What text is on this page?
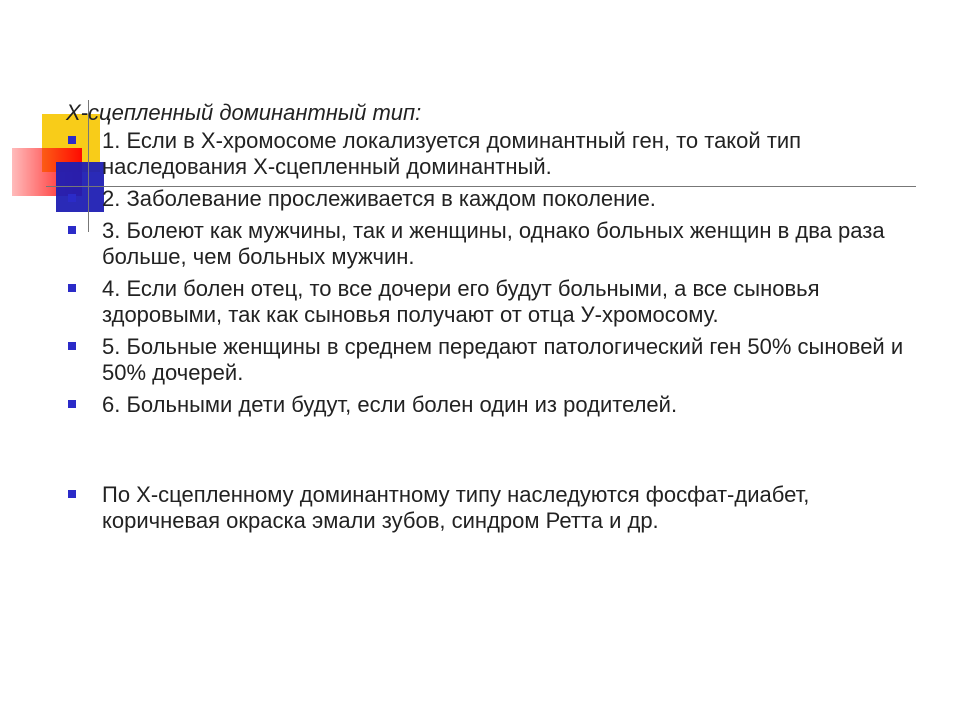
Х-сцепленный доминантный тип:
1. Если в Х-хромосоме локализуется доминантный ген, то такой тип наследования Х-сцепленный доминантный.
2. Заболевание прослеживается в каждом поколение.
3. Болеют как мужчины, так и женщины, однако больных женщин в два раза больше, чем больных мужчин.
4. Если болен отец, то все дочери его будут больными, а все сыновья здоровыми, так как сыновья получают от отца У-хромосому.
5. Больные женщины в среднем передают патологический ген 50% сыновей и 50% дочерей.
6. Больными дети будут, если болен один из родителей.
По Х-сцепленному доминантному типу наследуются фосфат-диабет, коричневая окраска эмали зубов, синдром Ретта и др.
